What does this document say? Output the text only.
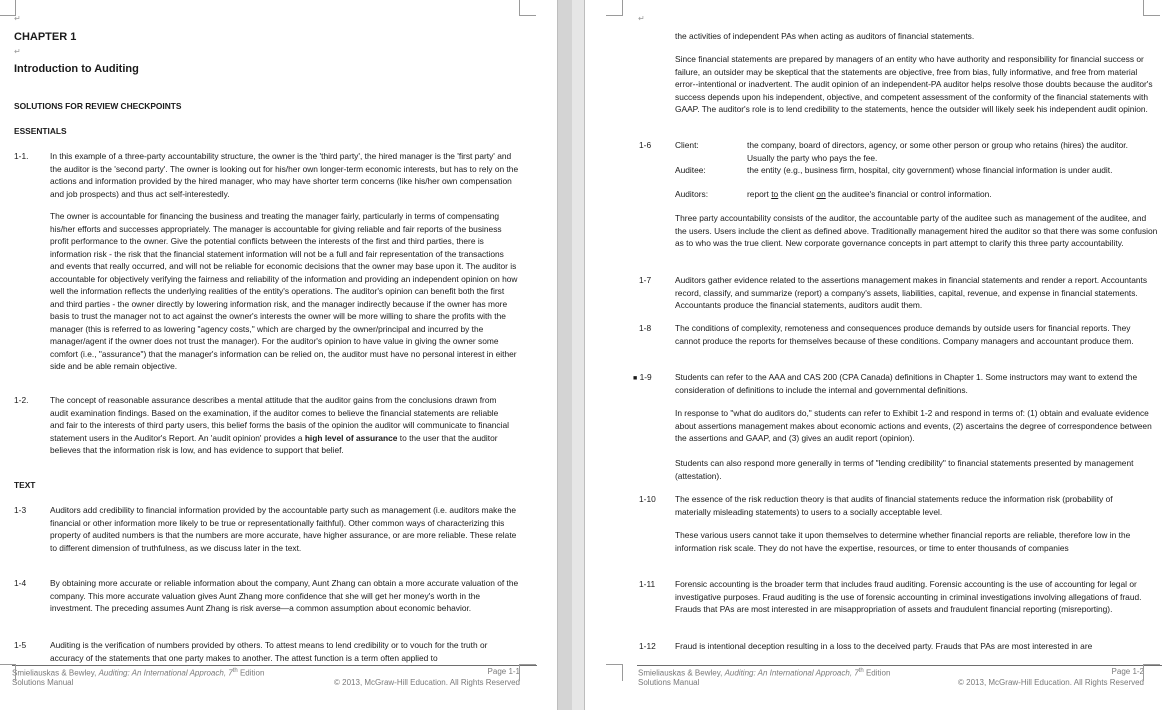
↵
CHAPTER 1
↵
Introduction to Auditing
SOLUTIONS FOR REVIEW CHECKPOINTS
ESSENTIALS
1-1.	In this example of a three-party accountability structure, the owner is the 'third party', the hired manager is the 'first party' and the auditor is the 'second party'. The owner is looking out for his/her own longer-term economic interests, but has to rely on the actions and information provided by the hired manager, who may have shorter term concerns (like his/her own compensation and job prospects) and thus act self-interestedly.

The owner is accountable for financing the business and treating the manager fairly, particularly in terms of compensating his/her efforts and successes appropriately. The manager is accountable for giving reliable and fair reports of the business profit performance to the owner. Give the potential conflicts between the interests of the first and third parties, there is information risk - the risk that the financial statement information will not be a full and fair representation of the transactions and events that really occurred, and will not be reliable for economic decisions that the owner may base upon it. The auditor is accountable for objectively verifying the fairness and reliability of the information and providing an independent opinion on how well the information reflects the underlying realities of the entity's operations. The auditor's opinion can benefit both the first and third parties - the owner directly by lowering information risk, and the manager indirectly because if the owner has more basis to trust the manager not to act against the owner's interests the owner will be more willing to share the profits with the manager (this is referred to as lowering "agency costs," which are charged by the owner/principal and incurred by the manager/agent if the owner does not trust the manager). For the auditor's opinion to have value in giving the owner some comfort (i.e., "assurance") that the manager's information can be relied on, the auditor must have no personal interest in either side and be able remain objective.

1-2.	The concept of reasonable assurance describes a mental attitude that the auditor gains from the conclusions drawn from audit examination findings. Based on the examination, if the auditor comes to believe the financial statements are reliable and fair to the interests of third party users, this belief forms the basis of the opinion the auditor will communicate to financial statement users in the Auditor's Report. An 'audit opinion' provides a high level of assurance to the user that the auditor believes that the information risk is low, and has evidence to support that belief.

TEXT
1-3	Auditors add credibility to financial information provided by the accountable party such as management (i.e. auditors make the financial or other information more likely to be true or representationally faithful). Other common ways of characterizing this property of audited numbers is that the numbers are more accurate, have higher assurance, or are more reliable. These relate to different dimension of truthfulness, as we discuss later in the text.

1-4	By obtaining more accurate or reliable information about the company, Aunt Zhang can obtain a more accurate valuation of the company. This more accurate valuation gives Aunt Zhang more confidence that she will get her money's worth in the investment. The preceding assumes Aunt Zhang is risk averse—a common assumption about economic behavior.

1-5	Auditing is the verification of numbers provided by others. To attest means to lend credibility or to vouch for the truth or accuracy of the statements that one party makes to another. The attest function is a term often applied to

Smieliauskas & Bewley, Auditing: An International Approach, 7th Edition
Solutions Manual
Page 1-1
© 2013, McGraw-Hill Education. All Rights Reserved
↵

the activities of independent PAs when acting as auditors of financial statements.

Since financial statements are prepared by managers of an entity who have authority and responsibility for financial success or failure, an outsider may be skeptical that the statements are objective, free from bias, fully informative, and free from material error--intentional or inadvertent. The audit opinion of an independent-PA auditor helps resolve those doubts because the auditor's success depends upon his independent, objective, and competent assessment of the conformity of the financial statements with GAAP. The auditor's role is to lend credibility to the statements, hence the outsider will likely seek his independent audit opinion.

1-6	Client:	the company, board of directors, agency, or some other person or group who retains (hires) the auditor. Usually the party who pays the fee.

Auditee:	the entity (e.g., business firm, hospital, city government) whose financial information is under audit.

Auditors:	report to the client on the auditee's financial or control information.

Three party accountability consists of the auditor, the accountable party of the auditee such as management of the auditee, and the users. Users include the client as defined above. Traditionally management hired the auditor so that there was some confusion as to who was the true client. New corporate governance concepts in part attempt to clarify this three party accountability.

1-7	Auditors gather evidence related to the assertions management makes in financial statements and render a report. Accountants record, classify, and summarize (report) a company's assets, liabilities, capital, revenue, and expense in financial statements. Accountants produce the financial statements, auditors audit them.

1-8	The conditions of complexity, remoteness and consequences produce demands by outside users for financial reports. They cannot produce the reports for themselves because of these conditions. Company managers and accountant produce them.

■ 1-9	Students can refer to the AAA and CAS 200 (CPA Canada) definitions in Chapter 1. Some instructors may want to extend the consideration of definitions to include the internal and governmental definitions.

In response to "what do auditors do," students can refer to Exhibit 1-2 and respond in terms of: (1) obtain and evaluate evidence about assertions management makes about economic actions and events, (2) ascertains the degree of correspondence between the assertions and GAAP, and (3) gives an audit report (opinion).

Students can also respond more generally in terms of "lending credibility" to financial statements presented by management (attestation).

1-10 The essence of the risk reduction theory is that audits of financial statements reduce the information risk (probability of materially misleading statements) to users to a socially acceptable level.

These various users cannot take it upon themselves to determine whether financial reports are reliable, therefore low in the information risk scale. They do not have the expertise, resources, or time to enter thousands of companies

1-11 Forensic accounting is the broader term that includes fraud auditing. Forensic accounting is the use of accounting for legal or investigative purposes. Fraud auditing is the use of forensic accounting in criminal investigations involving allegations of fraud. Frauds that PAs are most interested in are misappropriation of assets and fraudulent financial reporting (misreporting).

1-12 Fraud is intentional deception resulting in a loss to the deceived party. Frauds that PAs are most interested in are

Smieliauskas & Bewley, Auditing: An International Approach, 7th Edition
Solutions Manual
Page 1-2
© 2013, McGraw-Hill Education. All Rights Reserved
